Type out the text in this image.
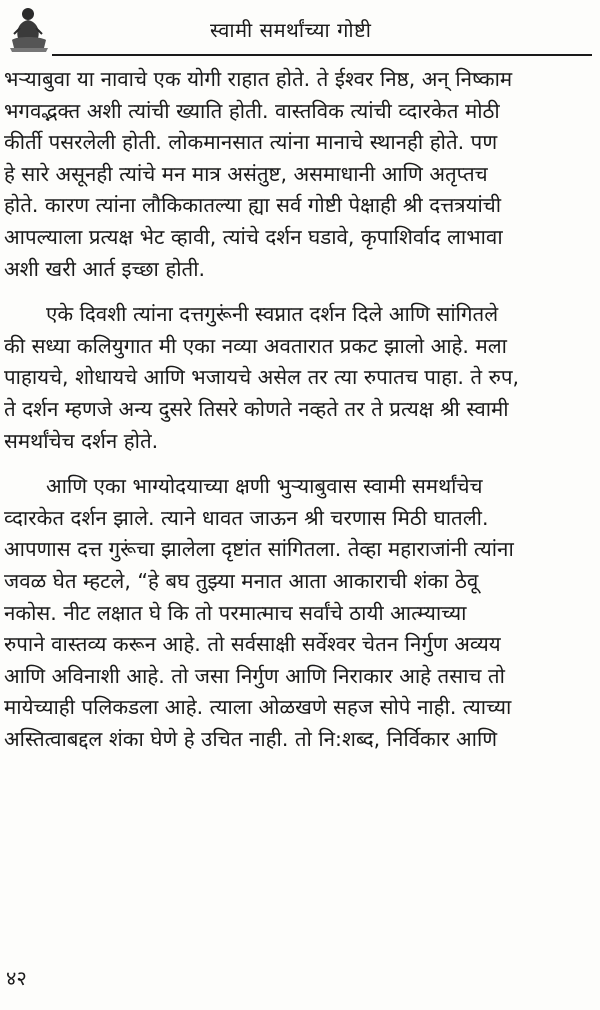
स्वामी समर्थांच्या गोष्टी

भऱ्याबुवा या नावाचे एक योगी राहात होते. ते ईश्वर निष्ठ, अन् निष्काम
भगवद्भक्त अशी त्यांची ख्याति होती. वास्तविक त्यांची व्दारकेत मोठी
कीर्ती पसरलेली होती. लोकमानसात त्यांना मानाचे स्थानही होते. पण
हे सारे असूनही त्यांचे मन मात्र असंतुष्ट, असमाधानी आणि अतृप्तच
होते. कारण त्यांना लौकिकातल्या ह्या सर्व गोष्टी पेक्षाही श्री दत्तत्रयांची
आपल्याला प्रत्यक्ष भेट व्हावी, त्यांचे दर्शन घडावे, कृपाशिर्वाद लाभावा
अशी खरी आर्त इच्छा होती.

एके दिवशी त्यांना दत्तगुरूंनी स्वप्नात दर्शन दिले आणि सांगितले
की सध्या कलियुगात मी एका नव्या अवतारात प्रकट झालो आहे. मला
पाहायचे, शोधायचे आणि भजायचे असेल तर त्या रुपातच पाहा. ते रुप,
ते दर्शन म्हणजे अन्य दुसरे तिसरे कोणते नव्हते तर ते प्रत्यक्ष श्री स्वामी
समर्थांचेच दर्शन होते.

आणि एका भाग्योदयाच्या क्षणी भुऱ्याबुवास स्वामी समर्थांचेच
व्दारकेत दर्शन झाले. त्याने धावत जाऊन श्री चरणास मिठी घातली.
आपणास दत्त गुरूंचा झालेला दृष्टांत सांगितला. तेव्हा महाराजांनी त्यांना
जवळ घेत म्हटले, “हे बघ तुझ्या मनात आता आकाराची शंका ठेवू
नकोस. नीट लक्षात घे कि तो परमात्माच सर्वांचे ठायी आत्म्याच्या
रुपाने वास्तव्य करून आहे. तो सर्वसाक्षी सर्वेश्वर चेतन निर्गुण अव्यय
आणि अविनाशी आहे. तो जसा निर्गुण आणि निराकार आहे तसाच तो
मायेच्याही पलिकडला आहे. त्याला ओळखणे सहज सोपे नाही. त्याच्या
अस्तित्वाबद्दल शंका घेणे हे उचित नाही. तो नि:शब्द, निर्विकार आणि

४२
